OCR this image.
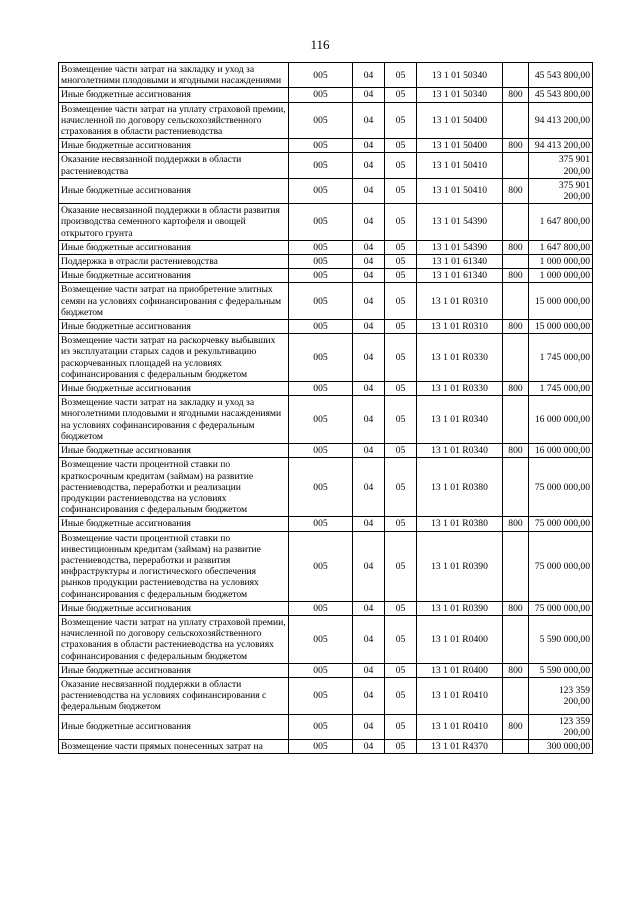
116
Возмещение части затрат на закладку и уход за многолетними плодовыми и ягодными насаждениями	005	04	05	13 1 01 50340		45 543 800,00
Иные бюджетные ассигнования	005	04	05	13 1 01 50340	800	45 543 800,00
Возмещение части затрат на уплату страховой премии, начисленной по договору сельскохозяйственного страхования в области растениеводства	005	04	05	13 1 01 50400		94 413 200,00
Иные бюджетные ассигнования	005	04	05	13 1 01 50400	800	94 413 200,00
Оказание несвязанной поддержки в области растениеводства	005	04	05	13 1 01 50410		375 901 200,00
Иные бюджетные ассигнования	005	04	05	13 1 01 50410	800	375 901 200,00
Оказание несвязанной поддержки в области развития производства семенного картофеля и овощей открытого грунта	005	04	05	13 1 01 54390		1 647 800,00
Иные бюджетные ассигнования	005	04	05	13 1 01 54390	800	1 647 800,00
Поддержка в отрасли растениеводства	005	04	05	13 1 01 61340		1 000 000,00
Иные бюджетные ассигнования	005	04	05	13 1 01 61340	800	1 000 000,00
Возмещение части затрат на приобретение элитных семян на условиях софинансирования с федеральным бюджетом	005	04	05	13 1 01 R0310		15 000 000,00
Иные бюджетные ассигнования	005	04	05	13 1 01 R0310	800	15 000 000,00
Возмещение части затрат на раскорчевку выбывших из эксплуатации старых садов и рекультивацию раскорчеванных площадей на условиях софинансирования с федеральным бюджетом	005	04	05	13 1 01 R0330		1 745 000,00
Иные бюджетные ассигнования	005	04	05	13 1 01 R0330	800	1 745 000,00
Возмещение части затрат на закладку и уход за многолетними плодовыми и ягодными насаждениями на условиях софинансирования с федеральным бюджетом	005	04	05	13 1 01 R0340		16 000 000,00
Иные бюджетные ассигнования	005	04	05	13 1 01 R0340	800	16 000 000,00
Возмещение части процентной ставки по краткосрочным кредитам (займам) на развитие растениеводства, переработки и реализации продукции растениеводства на условиях софинансирования с федеральным бюджетом	005	04	05	13 1 01 R0380		75 000 000,00
Иные бюджетные ассигнования	005	04	05	13 1 01 R0380	800	75 000 000,00
Возмещение части процентной ставки по инвестиционным кредитам (займам) на развитие растениеводства, переработки и развития инфраструктуры и логистического обеспечения рынков продукции растениеводства на условиях софинансирования с федеральным бюджетом	005	04	05	13 1 01 R0390		75 000 000,00
Иные бюджетные ассигнования	005	04	05	13 1 01 R0390	800	75 000 000,00
Возмещение части затрат на уплату страховой премии, начисленной по договору сельскохозяйственного страхования в области растениеводства на условиях софинансирования с федеральным бюджетом	005	04	05	13 1 01 R0400		5 590 000,00
Иные бюджетные ассигнования	005	04	05	13 1 01 R0400	800	5 590 000,00
Оказание несвязанной поддержки в области растениеводства на условиях софинансирования с федеральным бюджетом	005	04	05	13 1 01 R0410		123 359 200,00
Иные бюджетные ассигнования	005	04	05	13 1 01 R0410	800	123 359 200,00
Возмещение части прямых понесенных затрат на	005	04	05	13 1 01 R4370		300 000,00
